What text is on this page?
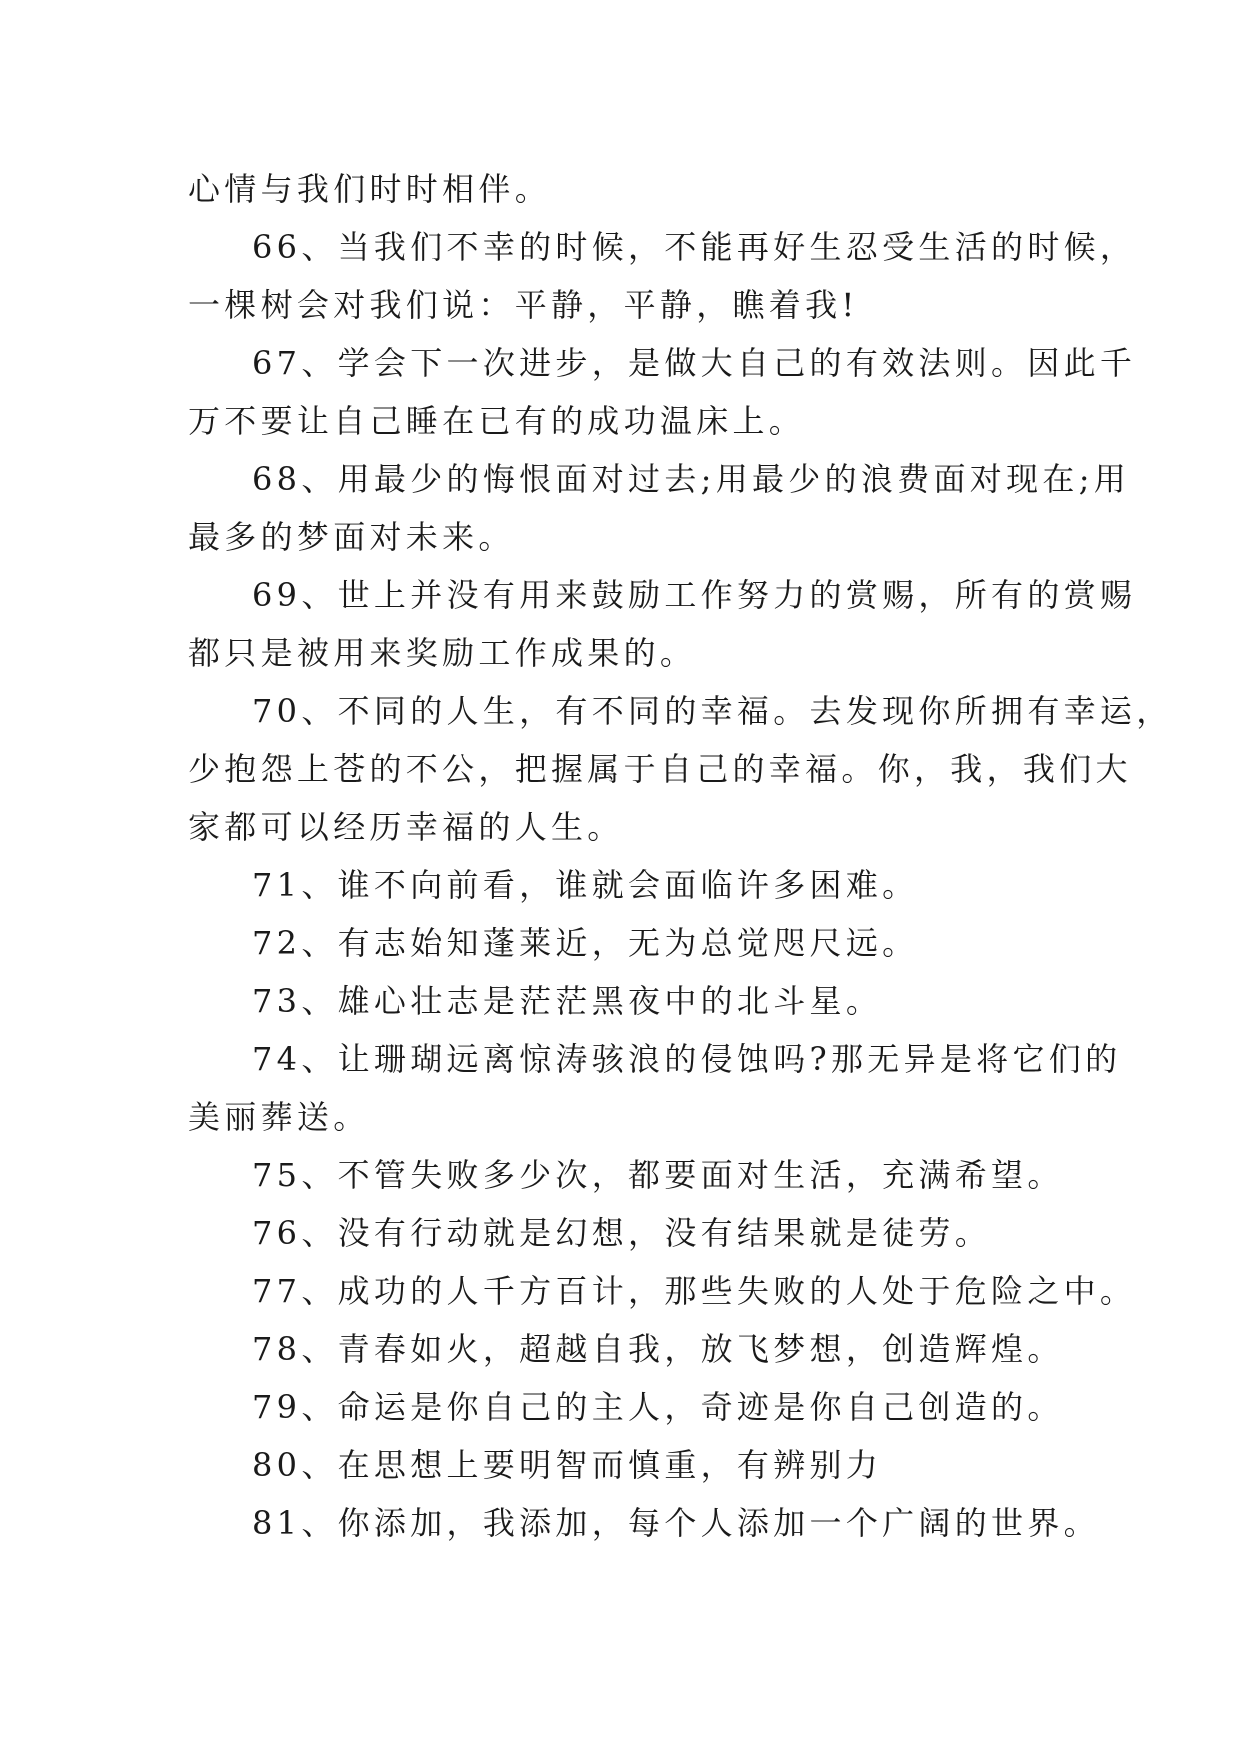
心情与我们时时相伴。

66、当我们不幸的时候，不能再好生忍受生活的时候，

一棵树会对我们说：平静，平静，瞧着我!

67、学会下一次进步，是做大自己的有效法则。因此千

万不要让自己睡在已有的成功温床上。

68、用最少的悔恨面对过去;用最少的浪费面对现在;用

最多的梦面对未来。

69、世上并没有用来鼓励工作努力的赏赐，所有的赏赐

都只是被用来奖励工作成果的。

70、不同的人生，有不同的幸福。去发现你所拥有幸运，

少抱怨上苍的不公，把握属于自己的幸福。你，我，我们大

家都可以经历幸福的人生。

71、谁不向前看，谁就会面临许多困难。

72、有志始知蓬莱近，无为总觉咫尺远。

73、雄心壮志是茫茫黑夜中的北斗星。

74、让珊瑚远离惊涛骇浪的侵蚀吗?那无异是将它们的

美丽葬送。

75、不管失败多少次，都要面对生活，充满希望。

76、没有行动就是幻想，没有结果就是徒劳。

77、成功的人千方百计，那些失败的人处于危险之中。

78、青春如火，超越自我，放飞梦想，创造辉煌。

79、命运是你自己的主人，奇迹是你自己创造的。

80、在思想上要明智而慎重，有辨别力

81、你添加，我添加，每个人添加一个广阔的世界。
